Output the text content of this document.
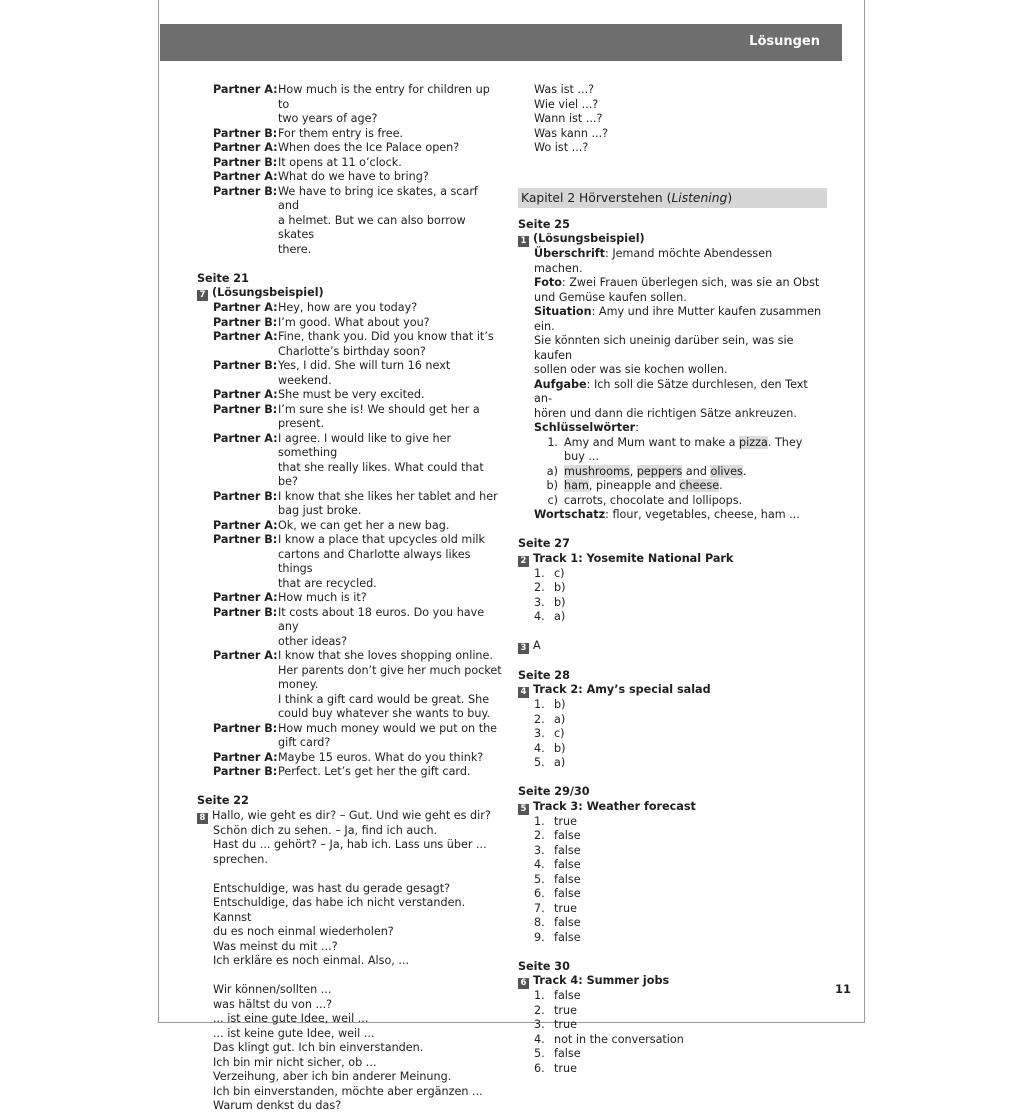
Lösungen
Partner A: How much is the entry for children up to
two years of age?
Partner B: For them entry is free.
Partner A: When does the Ice Palace open?
Partner B: It opens at 11 o’clock.
Partner A: What do we have to bring?
Partner B: We have to bring ice skates, a scarf and
a helmet. But we can also borrow skates
there.
Seite 21
7 (Lösungsbeispiel)
Partner A: Hey, how are you today?
Partner B: I’m good. What about you?
Partner A: Fine, thank you. Did you know that it’s
Charlotte’s birthday soon?
Partner B: Yes, I did. She will turn 16 next weekend.
Partner A: She must be very excited.
Partner B: I’m sure she is! We should get her a
present.
Partner A: I agree. I would like to give her something
that she really likes. What could that be?
Partner B: I know that she likes her tablet and her
bag just broke.
Partner A: Ok, we can get her a new bag.
Partner B: I know a place that upcycles old milk
cartons and Charlotte always likes things
that are recycled.
Partner A: How much is it?
Partner B: It costs about 18 euros. Do you have any
other ideas?
Partner A: I know that she loves shopping online.
Her parents don’t give her much pocket
money.
I think a gift card would be great. She
could buy whatever she wants to buy.
Partner B: How much money would we put on the
gift card?
Partner A: Maybe 15 euros. What do you think?
Partner B: Perfect. Let’s get her the gift card.
Seite 22
8 Hallo, wie geht es dir? – Gut. Und wie geht es dir?
Schön dich zu sehen. – Ja, find ich auch.
Hast du ... gehört? – Ja, hab ich. Lass uns über ...
sprechen.
Entschuldige, was hast du gerade gesagt?
Entschuldige, das habe ich nicht verstanden. Kannst
du es noch einmal wiederholen?
Was meinst du mit ...?
Ich erkläre es noch einmal. Also, ...
Wir können/sollten ...
was hältst du von ...?
... ist eine gute Idee, weil ...
... ist keine gute Idee, weil ...
Das klingt gut. Ich bin einverstanden.
Ich bin mir nicht sicher, ob ...
Verzeihung, aber ich bin anderer Meinung.
Ich bin einverstanden, möchte aber ergänzen ...
Warum denkst du das?
Was ist ...?
Wie viel ...?
Wann ist ...?
Was kann ...?
Wo ist ...?
Kapitel 2 Hörverstehen (Listening)
Seite 25
1 (Lösungsbeispiel)
Überschrift: Jemand möchte Abendessen machen.
Foto: Zwei Frauen überlegen sich, was sie an Obst
und Gemüse kaufen sollen.
Situation: Amy und ihre Mutter kaufen zusammen ein.
Sie könnten sich uneinig darüber sein, was sie kaufen
sollen oder was sie kochen wollen.
Aufgabe: Ich soll die Sätze durchlesen, den Text an-
hören und dann die richtigen Sätze ankreuzen.
Schlüsselwörter:
1. Amy and Mum want to make a pizza. They buy ...
a) mushrooms, peppers and olives.
b) ham, pineapple and cheese.
c) carrots, chocolate and lollipops.
Wortschatz: flour, vegetables, cheese, ham ...
Seite 27
2 Track 1: Yosemite National Park
1. c)
2. b)
3. b)
4. a)
3 A
Seite 28
4 Track 2: Amy’s special salad
1. b)
2. a)
3. c)
4. b)
5. a)
Seite 29/30
5 Track 3: Weather forecast
1. true
2. false
3. false
4. false
5. false
6. false
7. true
8. false
9. false
Seite 30
6 Track 4: Summer jobs
1. false
2. true
3. true
4. not in the conversation
5. false
6. true
11
